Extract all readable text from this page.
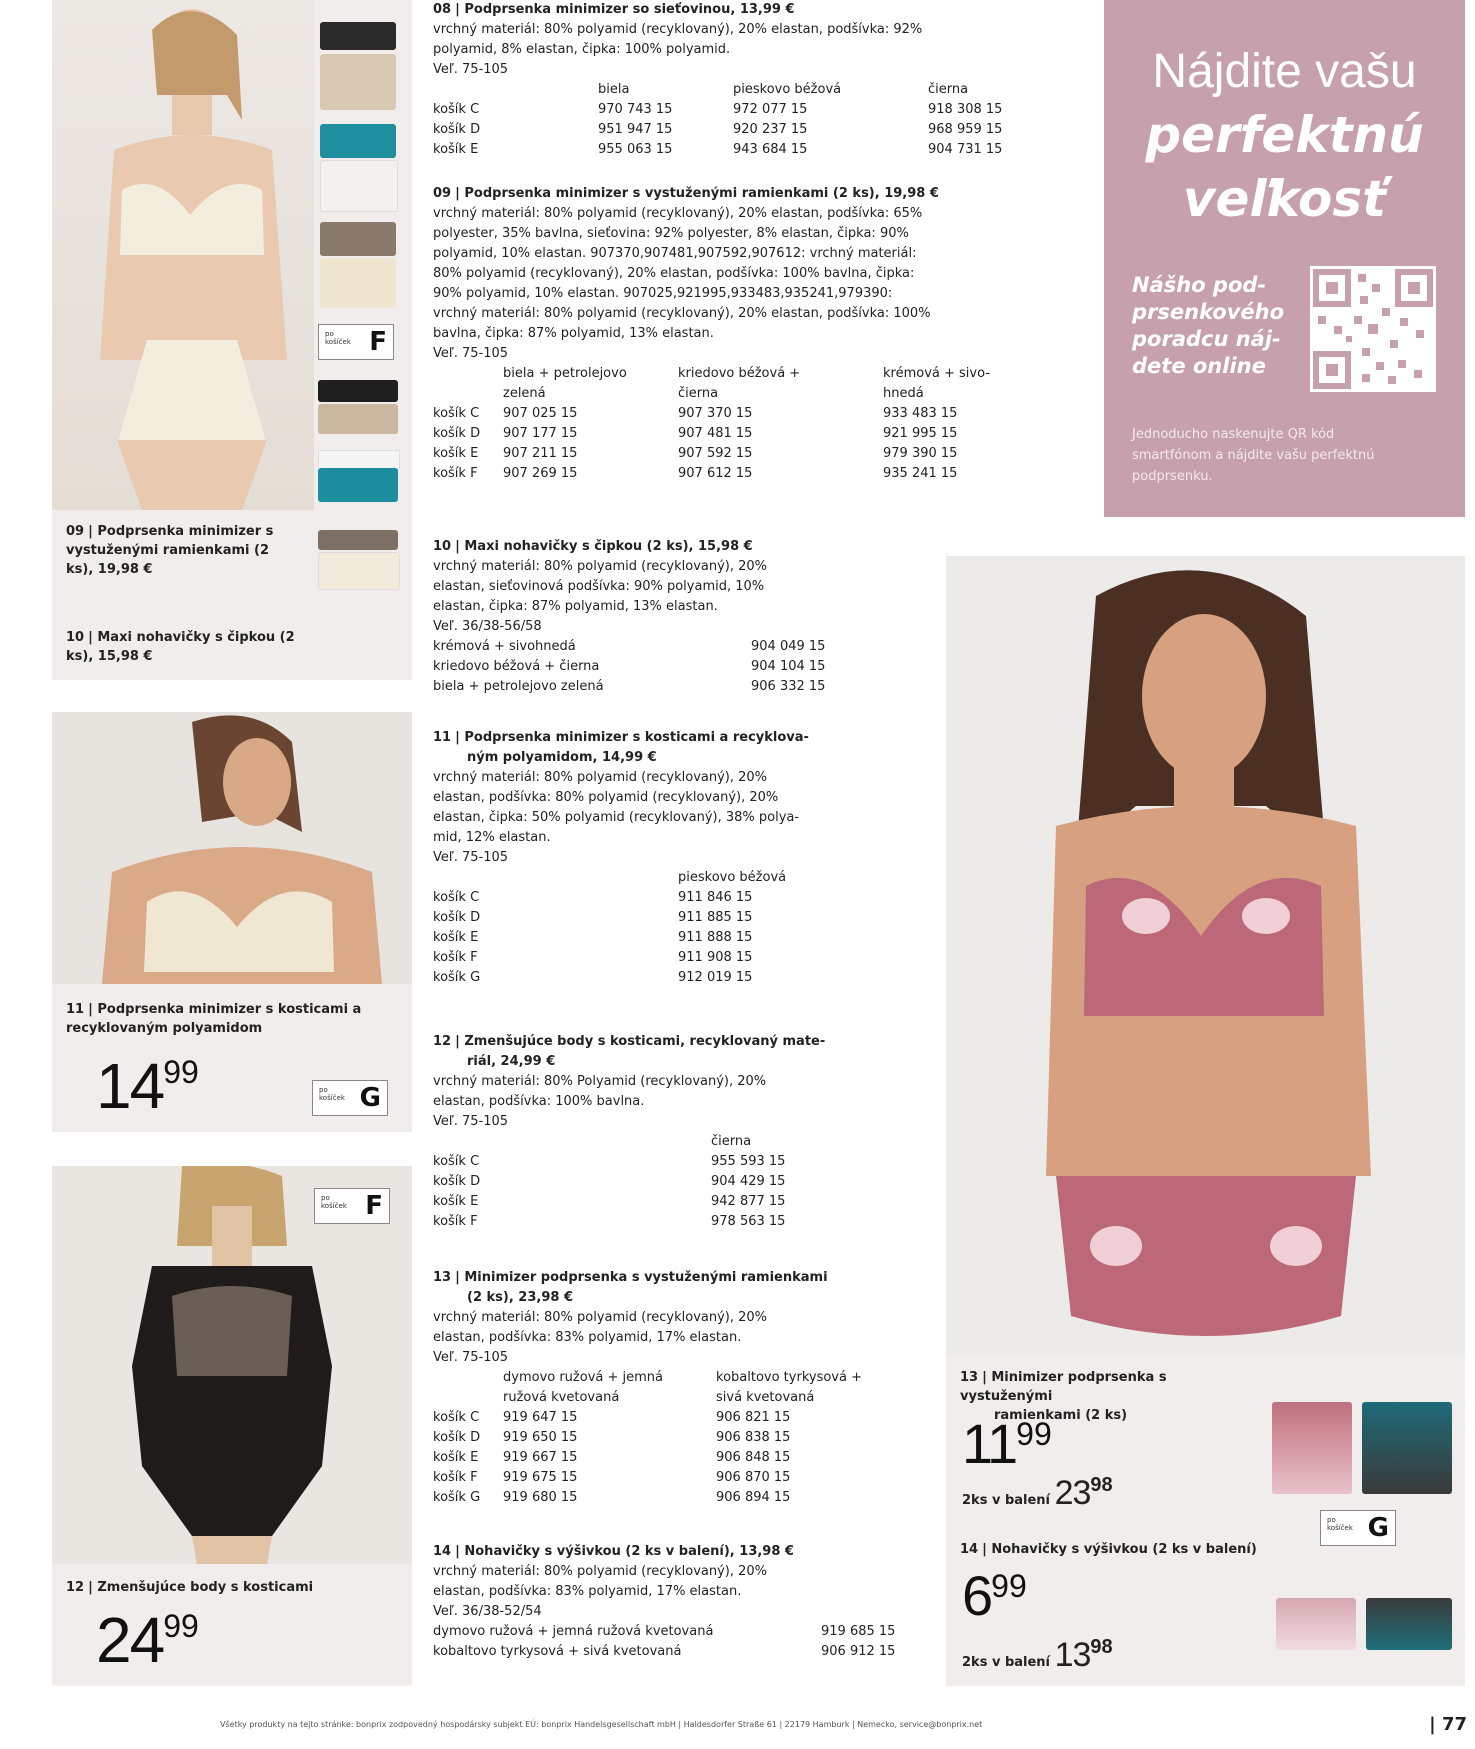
po košíček F
09 | Podprsenka minimizer s vystuženými ramienkami (2 ks), 19,98 €
10 | Maxi nohavičky s čipkou (2 ks), 15,98 €
11 | Podprsenka minimizer s kosticami a recyklovaným polyamidom
1499	po košíček G
po košíček F
12 | Zmenšujúce body s kosticami
2499
08 | Podprsenka minimizer so sieťovinou, 13,99 €
vrchný materiál: 80% polyamid (recyklovaný), 20% elastan, podšívka: 92%
polyamid, 8% elastan, čipka: 100% polyamid.
Veľ. 75-105
biela	pieskovo béžová	čierna
košík C	970 743 15	972 077 15	918 308 15
košík D	951 947 15	920 237 15	968 959 15
košík E	955 063 15	943 684 15	904 731 15
09 | Podprsenka minimizer s vystuženými ramienkami (2 ks), 19,98 €
vrchný materiál: 80% polyamid (recyklovaný), 20% elastan, podšívka: 65%
polyester, 35% bavlna, sieťovina: 92% polyester, 8% elastan, čipka: 90%
polyamid, 10% elastan. 907370,907481,907592,907612: vrchný materiál:
80% polyamid (recyklovaný), 20% elastan, podšívka: 100% bavlna, čipka:
90% polyamid, 10% elastan. 907025,921995,933483,935241,979390:
vrchný materiál: 80% polyamid (recyklovaný), 20% elastan, podšívka: 100%
bavlna, čipka: 87% polyamid, 13% elastan.
Veľ. 75-105
biela + petrolejovo	kriedovo béžová +	krémová + sivo-
zelená	čierna	hnedá
košík C 907 025 15	907 370 15	933 483 15
košík D 907 177 15	907 481 15	921 995 15
košík E 907 211 15	907 592 15	979 390 15
košík F 907 269 15	907 612 15	935 241 15
10 | Maxi nohavičky s čipkou (2 ks), 15,98 €
vrchný materiál: 80% polyamid (recyklovaný), 20%
elastan, sieťovinová podšívka: 90% polyamid, 10%
elastan, čipka: 87% polyamid, 13% elastan.
Veľ. 36/38-56/58
krémová + sivohnedá	904 049 15
kriedovo béžová + čierna	904 104 15
biela + petrolejovo zelená	906 332 15
11 | Podprsenka minimizer s kosticami a recyklova-
ným polyamidom, 14,99 €
vrchný materiál: 80% polyamid (recyklovaný), 20%
elastan, podšívka: 80% polyamid (recyklovaný), 20%
elastan, čipka: 50% polyamid (recyklovaný), 38% polya-
mid, 12% elastan.
Veľ. 75-105
pieskovo béžová
košík C	911 846 15
košík D	911 885 15
košík E	911 888 15
košík F	911 908 15
košík G	912 019 15
12 | Zmenšujúce body s kosticami, recyklovaný mate-
riál, 24,99 €
vrchný materiál: 80% Polyamid (recyklovaný), 20%
elastan, podšívka: 100% bavlna.
Veľ. 75-105
čierna
košík C	955 593 15
košík D	904 429 15
košík E	942 877 15
košík F	978 563 15
13 | Minimizer podprsenka s vystuženými ramienkami
(2 ks), 23,98 €
vrchný materiál: 80% polyamid (recyklovaný), 20%
elastan, podšívka: 83% polyamid, 17% elastan.
Veľ. 75-105
dymovo ružová + jemná	kobaltovo tyrkysová +
ružová kvetovaná	sivá kvetovaná
košík C 919 647 15	906 821 15
košík D 919 650 15	906 838 15
košík E 919 667 15	906 848 15
košík F 919 675 15	906 870 15
košík G 919 680 15	906 894 15
14 | Nohavičky s výšivkou (2 ks v balení), 13,98 €
vrchný materiál: 80% polyamid (recyklovaný), 20%
elastan, podšívka: 83% polyamid, 17% elastan.
Veľ. 36/38-52/54
dymovo ružová + jemná ružová kvetovaná	919 685 15
kobaltovo tyrkysová + sivá kvetovaná	906 912 15
Nájdite vašu
perfektnú
veľkosť
Nášho pod-
prsenkového
poradcu náj-
dete online
Jednoducho naskenujte QR kód
smartfónom a nájdite vašu perfektnú
podprsenku.
13 | Minimizer podprsenka s vystuženými
ramienkami (2 ks)
1199
2ks v balení 2398
po košíček G
14 | Nohavičky s výšivkou (2 ks v balení)
699
2ks v balení 1398
Všetky produkty na tejto stránke: bonprix zodpovedný hospodársky subjekt EÚ: bonprix Handelsgesellschaft mbH | Haldesdorfer Straße 61 | 22179 Hamburk | Nemecko, service@bonprix.net	| 77
